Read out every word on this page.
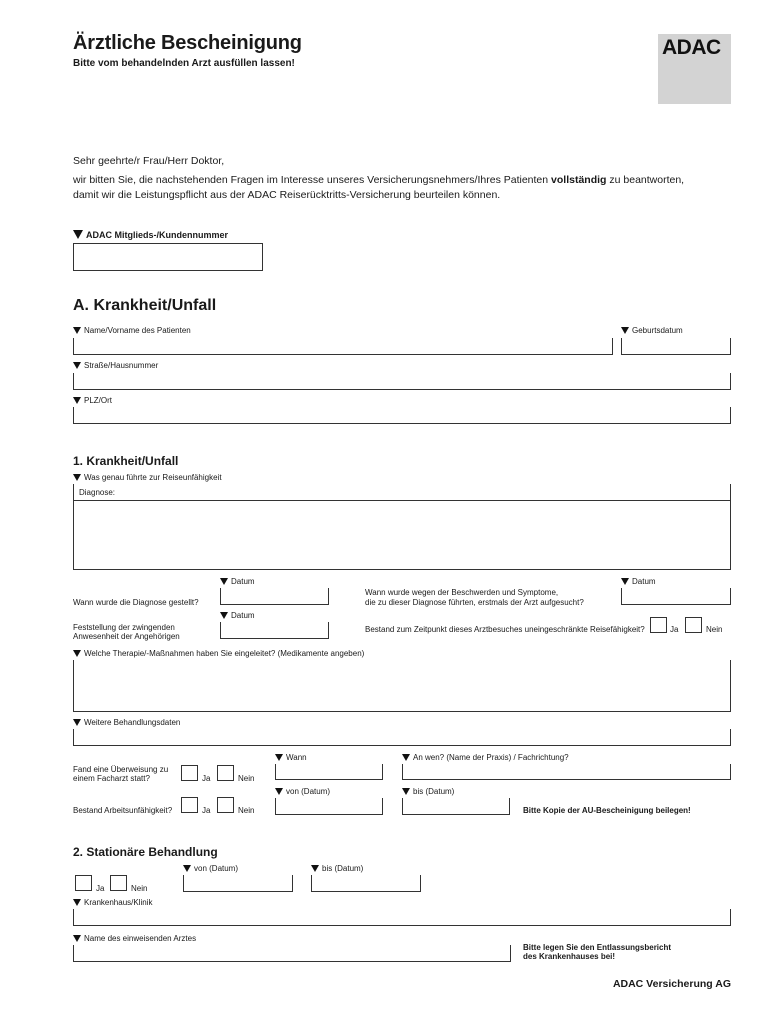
Ärztliche Bescheinigung
Bitte vom behandelnden Arzt ausfüllen lassen!
ADAC
Sehr geehrte/r Frau/Herr Doktor,
wir bitten Sie, die nachstehenden Fragen im Interesse unseres Versicherungsnehmers/Ihres Patienten vollständig zu beantworten,
damit wir die Leistungspflicht aus der ADAC Reiserücktritts-Versicherung beurteilen können.
ADAC Mitglieds-/Kundennummer
A. Krankheit/Unfall
Name/Vorname des Patienten	Geburtsdatum
Straße/Hausnummer
PLZ/Ort
1. Krankheit/Unfall
Was genau führte zur Reiseunfähigkeit
Diagnose:
Datum
Wann wurde die Diagnose gestellt?
Wann wurde wegen der Beschwerden und Symptome,
die zu dieser Diagnose führten, erstmals der Arzt aufgesucht?
Datum
Datum
Feststellung der zwingenden
Anwesenheit der Angehörigen
Bestand zum Zeitpunkt dieses Arztbesuches uneingeschränkte Reisefähigkeit?	Ja	Nein
Welche Therapie/-Maßnahmen haben Sie eingeleitet? (Medikamente angeben)
Weitere Behandlungsdaten
Fand eine Überweisung zu
einem Facharzt statt?	Ja	Nein
Wann	An wen? (Name der Praxis) / Fachrichtung?
Bestand Arbeitsunfähigkeit?	Ja	Nein
von (Datum)	bis (Datum)
Bitte Kopie der AU-Bescheinigung beilegen!
2. Stationäre Behandlung
von (Datum)	bis (Datum)
Ja	Nein
Krankenhaus/Klinik
Name des einweisenden Arztes
Bitte legen Sie den Entlassungsbericht
des Krankenhauses bei!
ADAC Versicherung AG
